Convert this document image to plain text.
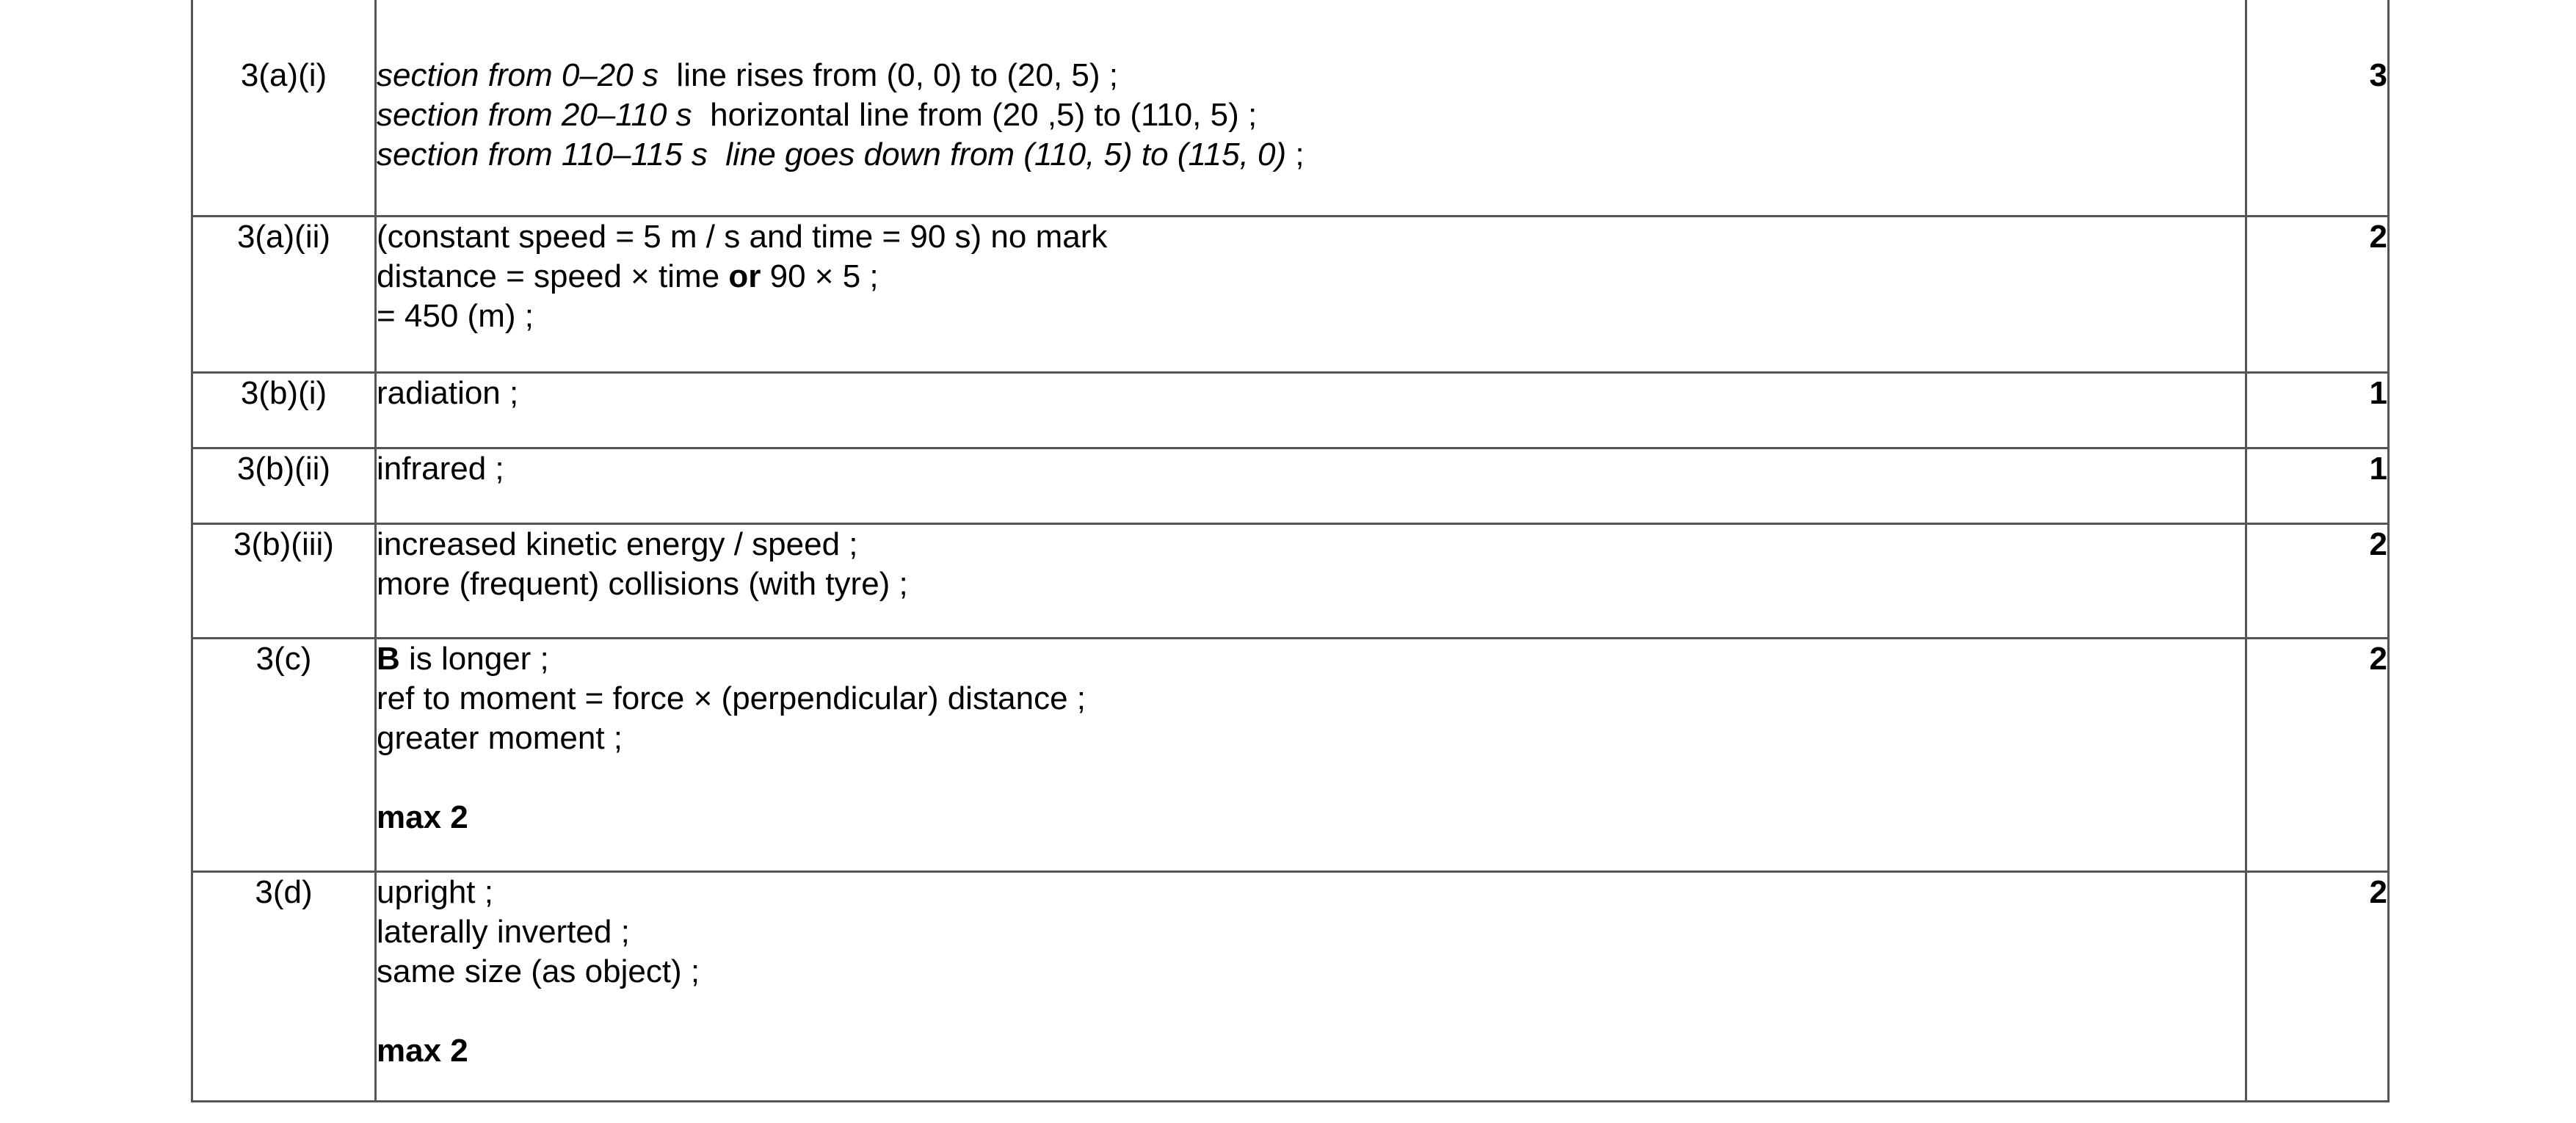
3(a)(i)	section from 0–20 s  line rises from (0, 0) to (20, 5) ;
section from 20–110 s  horizontal line from (20 ,5) to (110, 5) ;
section from 110–115 s  line goes down from (110, 5) to (115, 0) ;	3
3(a)(ii)	(constant speed = 5 m / s and time = 90 s) no mark
distance = speed × time or 90 × 5 ;
= 450 (m) ;	2
3(b)(i)	radiation ;	1
3(b)(ii)	infrared ;	1
3(b)(iii)	increased kinetic energy / speed ;
more (frequent) collisions (with tyre) ;	2
3(c)	B is longer ;
ref to moment = force × (perpendicular) distance ;
greater moment ;
max 2	2
3(d)	upright ;
laterally inverted ;
same size (as object) ;
max 2	2
